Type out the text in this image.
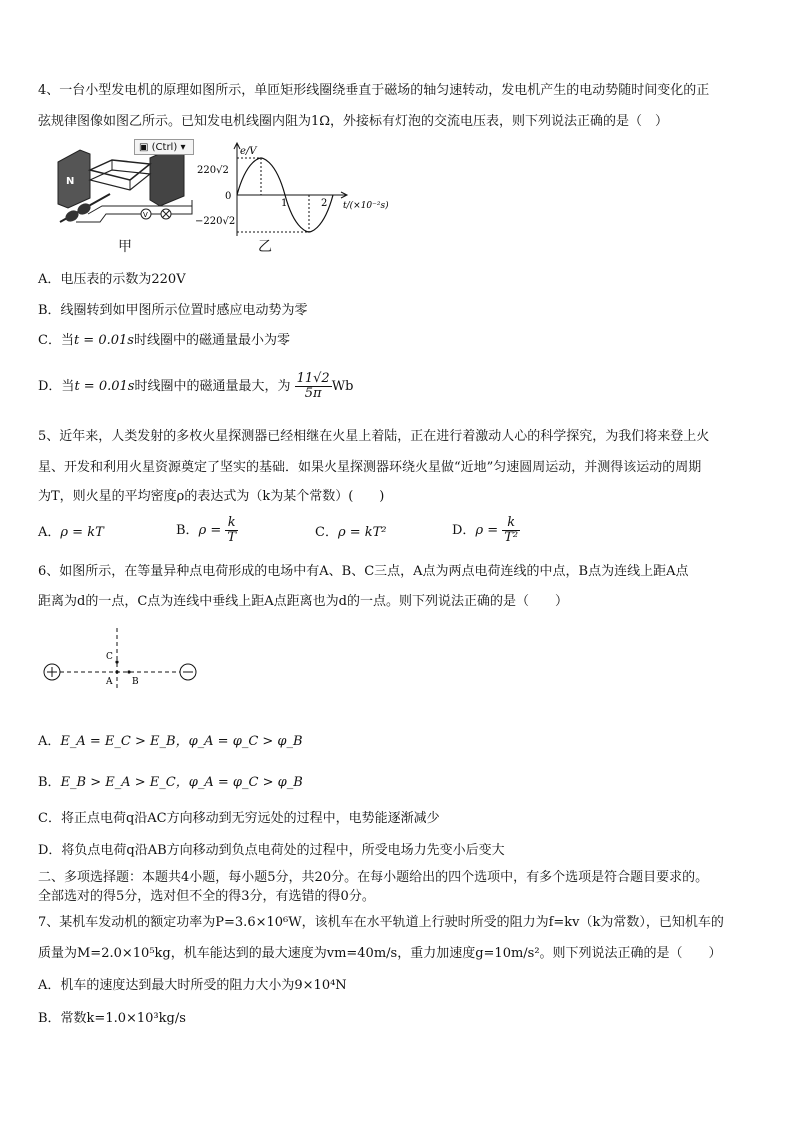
4、一台小型发电机的原理如图所示，单匝矩形线圈绕垂直于磁场的轴匀速转动，发电机产生的电动势随时间变化的正
弦规律图像如图乙所示。已知发电机线圈内阻为1Ω，外接标有灯泡的交流电压表，则下列说法正确的是（　）
V
N
▣ (Ctrl) ▾
甲
e/V
220√2
0
−220√2
1	2 t/(×10⁻²s)
乙
A．电压表的示数为220V
B．线圈转到如甲图所示位置时感应电动势为零
C．当t = 0.01s时线圈中的磁通量最小为零
D．当t = 0.01s时线圈中的磁通量最大，为 $\frac{11√2}{5\pi}$ Wb
5、近年来，人类发射的多枚火星探测器已经相继在火星上着陆，正在进行着激动人心的科学探究，为我们将来登上火
星、开发和利用火星资源奠定了坚实的基础．如果火星探测器环绕火星做“近地”匀速圆周运动，并测得该运动的周期
为T，则火星的平均密度ρ的表达式为（k为某个常数）(　　)
A．ρ = kT	B．$\rho = \frac{k}{T}$	C．ρ = kT²	D．$\rho = \frac{k}{\text{T²}}$
6、如图所示，在等量异种点电荷形成的电场中有A、B、C三点，A点为两点电荷连线的中点，B点为连线上距A点
距离为d的一点，C点为连线中垂线上距A点距离也为d的一点。则下列说法正确的是（　　）
C
A B
A．E_A = E_C > E_B，φ_A = φ_C > φ_B
B．E_B > E_A > E_C，φ_A = φ_C > φ_B
C．将正点电荷q沿AC方向移动到无穷远处的过程中，电势能逐渐减少
D．将负点电荷q沿AB方向移动到负点电荷处的过程中，所受电场力先变小后变大
二、多项选择题：本题共4小题，每小题5分，共20分。在每小题给出的四个选项中，有多个选项是符合题目要求的。
全部选对的得5分，选对但不全的得3分，有选错的得0分。
7、某机车发动机的额定功率为P=3.6×10⁶W，该机车在水平轨道上行驶时所受的阻力为f=kv（k为常数），已知机车的
质量为M=2.0×10⁵kg，机车能达到的最大速度为vm=40m/s，重力加速度g=10m/s²。则下列说法正确的是（　　）
A．机车的速度达到最大时所受的阻力大小为9×10⁴N
B．常数k=1.0×10³kg/s
